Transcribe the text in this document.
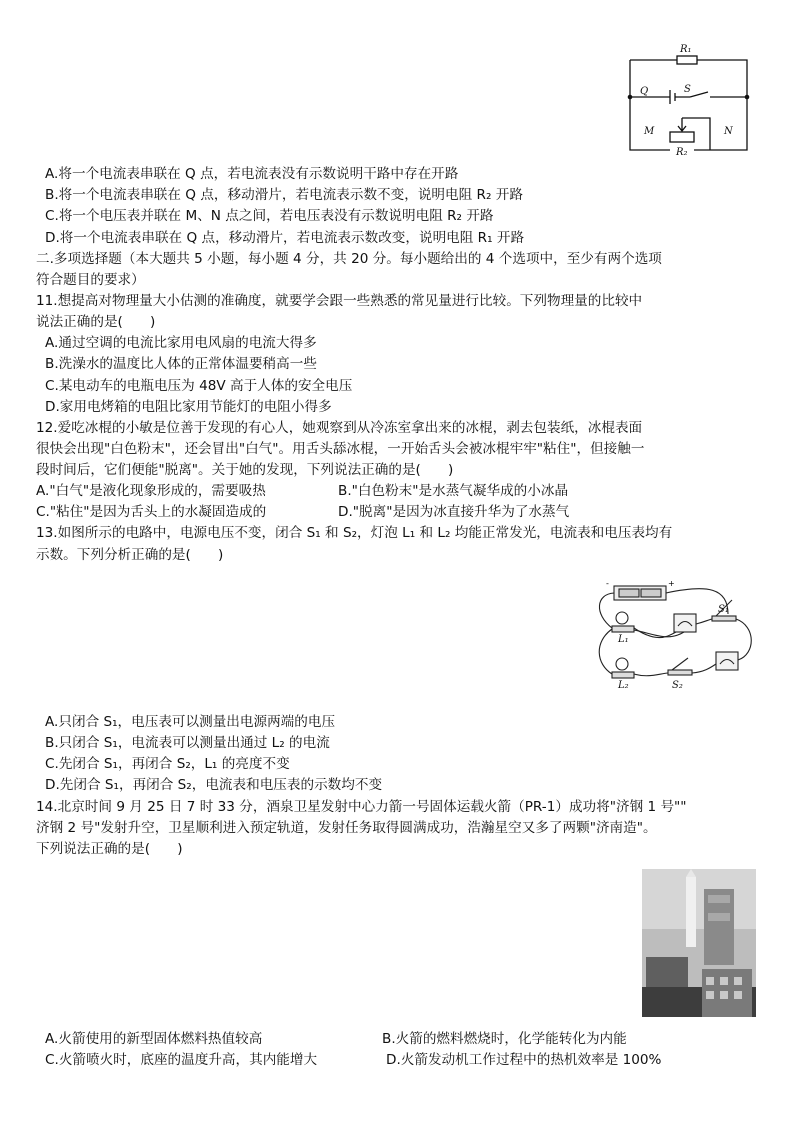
R₁
R₂
Q	S
M	N
A.将一个电流表串联在 Q 点，若电流表没有示数说明干路中存在开路
B.将一个电流表串联在 Q 点，移动滑片，若电流表示数不变，说明电阻 R₂ 开路
C.将一个电压表并联在 M、N 点之间，若电压表没有示数说明电阻 R₂ 开路
D.将一个电流表串联在 Q 点，移动滑片，若电流表示数改变，说明电阻 R₁ 开路
二.多项选择题（本大题共 5 小题，每小题 4 分，共 20 分。每小题给出的 4 个选项中，至少有两个选项
符合题目的要求）
11.想提高对物理量大小估测的准确度，就要学会跟一些熟悉的常见量进行比较。下列物理量的比较中
说法正确的是(　　)
A.通过空调的电流比家用电风扇的电流大得多
B.洗澡水的温度比人体的正常体温要稍高一些
C.某电动车的电瓶电压为 48V 高于人体的安全电压
D.家用电烤箱的电阻比家用节能灯的电阻小得多
12.爱吃冰棍的小敏是位善于发现的有心人，她观察到从冷冻室拿出来的冰棍，剥去包装纸，冰棍表面
很快会出现"白色粉末"，还会冒出"白气"。用舌头舔冰棍，一开始舌头会被冰棍牢牢"粘住"，但接触一
段时间后，它们便能"脱离"。关于她的发现，下列说法正确的是(　　)
A."白气"是液化现象形成的，需要吸热	B."白色粉末"是水蒸气凝华成的小冰晶
C."粘住"是因为舌头上的水凝固造成的	D."脱离"是因为冰直接升华为了水蒸气
13.如图所示的电路中，电源电压不变，闭合 S₁ 和 S₂，灯泡 L₁ 和 L₂ 均能正常发光，电流表和电压表均有
示数。下列分析正确的是(　　)
-	+
L₁
L₂
S₁
S₂
A.只闭合 S₁，电压表可以测量出电源两端的电压
B.只闭合 S₁，电流表可以测量出通过 L₂ 的电流
C.先闭合 S₁，再闭合 S₂，L₁ 的亮度不变
D.先闭合 S₁，再闭合 S₂，电流表和电压表的示数均不变
14.北京时间 9 月 25 日 7 时 33 分，酒泉卫星发射中心力箭一号固体运载火箭（PR-1）成功将"济钢 1 号""
济钢 2 号"发射升空，卫星顺利进入预定轨道，发射任务取得圆满成功，浩瀚星空又多了两颗"济南造"。
下列说法正确的是(　　)
A.火箭使用的新型固体燃料热值较高	B.火箭的燃料燃烧时，化学能转化为内能
C.火箭喷火时，底座的温度升高，其内能增大	D.火箭发动机工作过程中的热机效率是 100%
